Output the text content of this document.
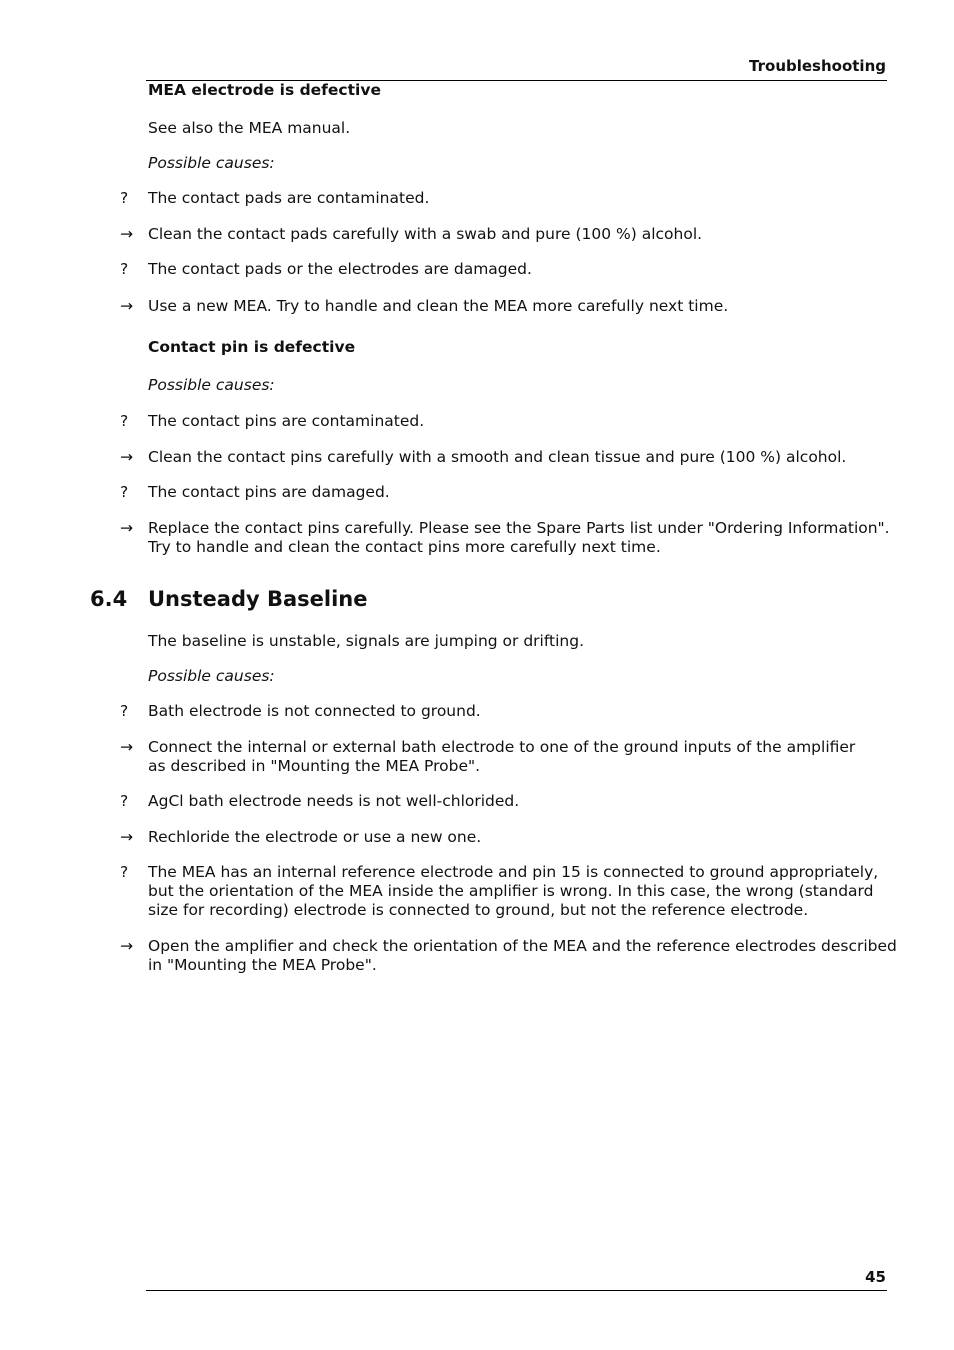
Troubleshooting
MEA electrode is defective
See also the MEA manual.
Possible causes:
? The contact pads are contaminated.
→ Clean the contact pads carefully with a swab and pure (100 %) alcohol.
? The contact pads or the electrodes are damaged.
→ Use a new MEA. Try to handle and clean the MEA more carefully next time.
Contact pin is defective
Possible causes:
? The contact pins are contaminated.
→ Clean the contact pins carefully with a smooth and clean tissue and pure (100 %) alcohol.
? The contact pins are damaged.
→ Replace the contact pins carefully. Please see the Spare Parts list under "Ordering Information".
Try to handle and clean the contact pins more carefully next time.
6.4 Unsteady Baseline
The baseline is unstable, signals are jumping or drifting.
Possible causes:
? Bath electrode is not connected to ground.
→ Connect the internal or external bath electrode to one of the ground inputs of the amplifier
as described in "Mounting the MEA Probe".
? AgCl bath electrode needs is not well-chlorided.
→ Rechloride the electrode or use a new one.
? The MEA has an internal reference electrode and pin 15 is connected to ground appropriately,
but the orientation of the MEA inside the amplifier is wrong. In this case, the wrong (standard
size for recording) electrode is connected to ground, but not the reference electrode.
→ Open the amplifier and check the orientation of the MEA and the reference electrodes described
in "Mounting the MEA Probe".
45
